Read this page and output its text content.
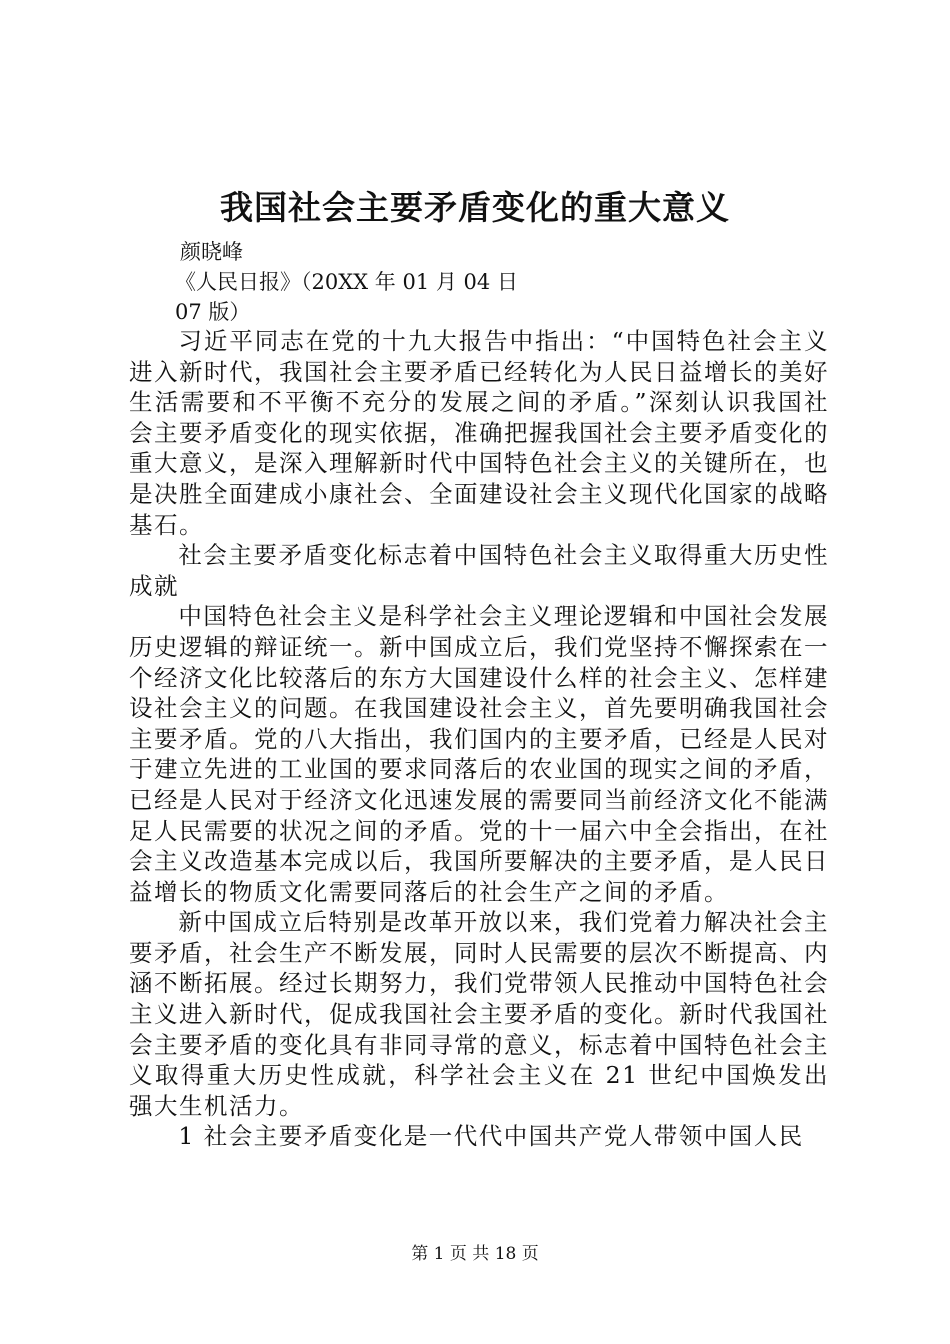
我国社会主要矛盾变化的重大意义
颜晓峰
《人民日报》（20XX 年 01 月 04 日
07 版）

习近平同志在党的十九大报告中指出：“中国特色社会主义进入新时代，我国社会主要矛盾已经转化为人民日益增长的美好生活需要和不平衡不充分的发展之间的矛盾。”深刻认识我国社会主要矛盾变化的现实依据，准确把握我国社会主要矛盾变化的重大意义，是深入理解新时代中国特色社会主义的关键所在，也是决胜全面建成小康社会、全面建设社会主义现代化国家的战略基石。

社会主要矛盾变化标志着中国特色社会主义取得重大历史性成就

中国特色社会主义是科学社会主义理论逻辑和中国社会发展历史逻辑的辩证统一。新中国成立后，我们党坚持不懈探索在一个经济文化比较落后的东方大国建设什么样的社会主义、怎样建设社会主义的问题。在我国建设社会主义，首先要明确我国社会主要矛盾。党的八大指出，我们国内的主要矛盾，已经是人民对于建立先进的工业国的要求同落后的农业国的现实之间的矛盾，已经是人民对于经济文化迅速发展的需要同当前经济文化不能满足人民需要的状况之间的矛盾。党的十一届六中全会指出，在社会主义改造基本完成以后，我国所要解决的主要矛盾，是人民日益增长的物质文化需要同落后的社会生产之间的矛盾。

新中国成立后特别是改革开放以来，我们党着力解决社会主要矛盾，社会生产不断发展，同时人民需要的层次不断提高、内涵不断拓展。经过长期努力，我们党带领人民推动中国特色社会主义进入新时代，促成我国社会主要矛盾的变化。新时代我国社会主要矛盾的变化具有非同寻常的意义，标志着中国特色社会主义取得重大历史性成就，科学社会主义在 21 世纪中国焕发出强大生机活力。

1 社会主要矛盾变化是一代代中国共产党人带领中国人民

第 1 页 共 18 页
